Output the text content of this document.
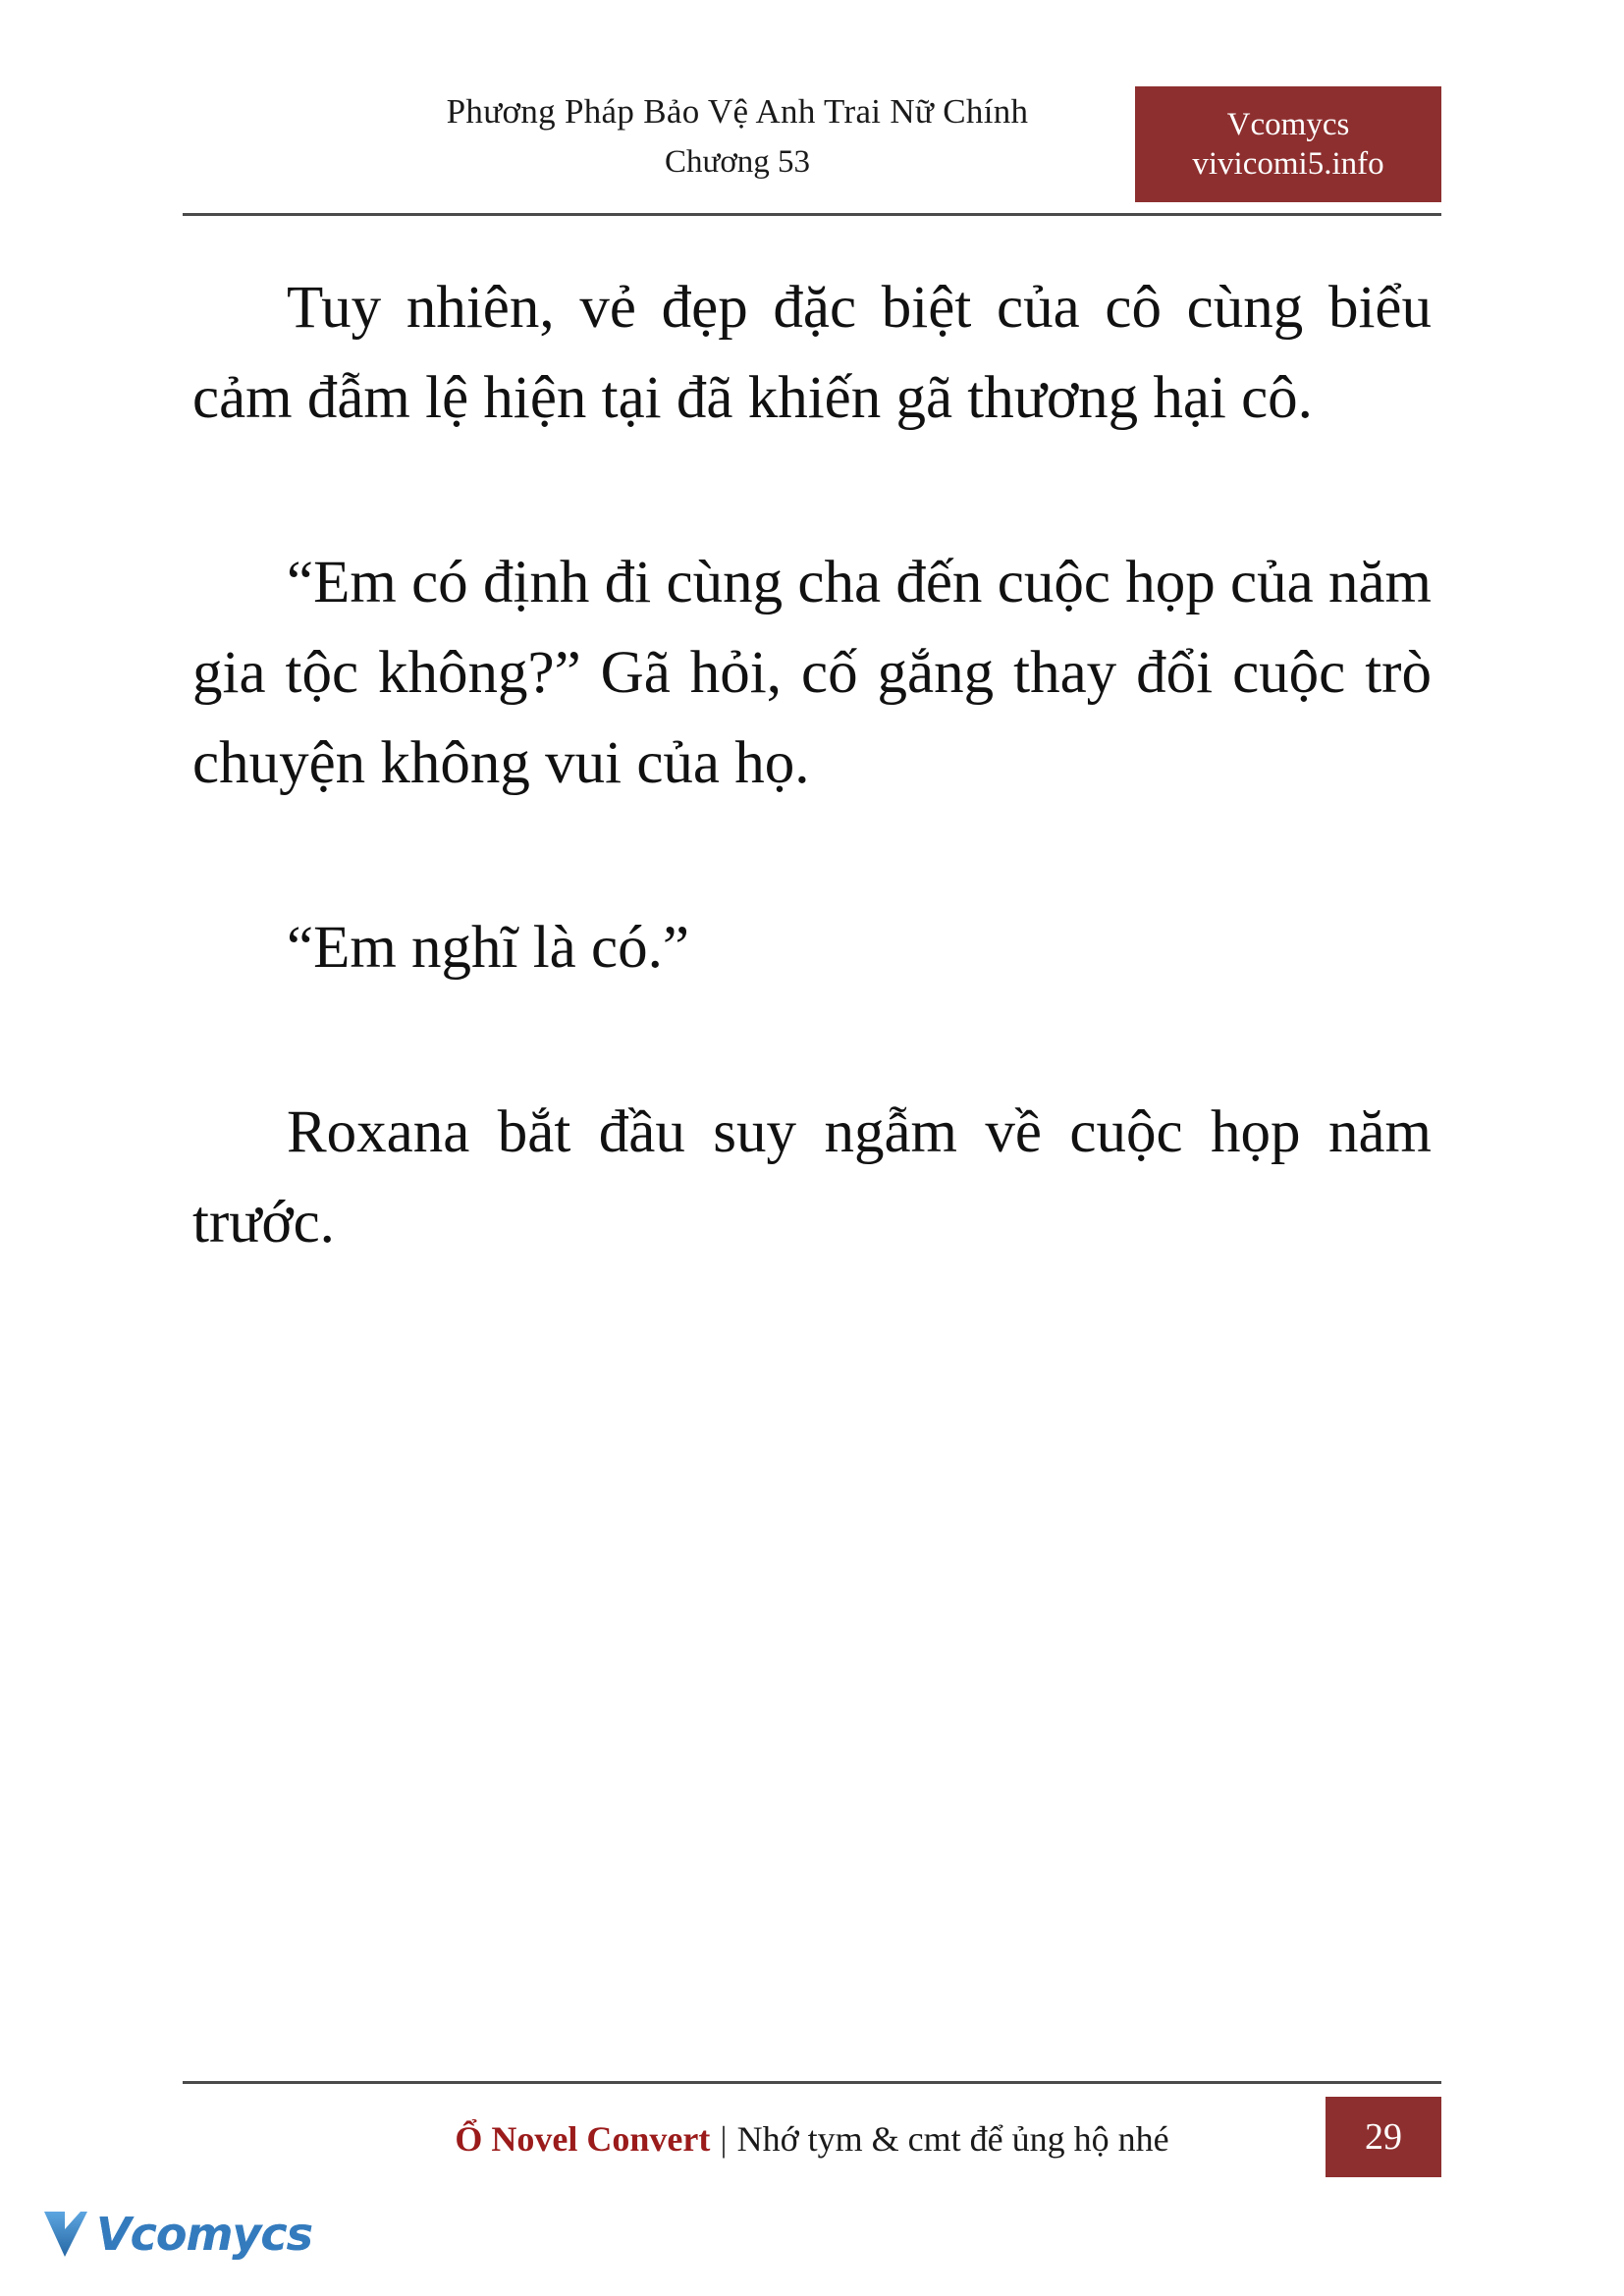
Phương Pháp Bảo Vệ Anh Trai Nữ Chính
Chương 53
Vcomycs
vivicomi5.info

Tuy nhiên, vẻ đẹp đặc biệt của cô cùng biểu cảm đẫm lệ hiện tại đã khiến gã thương hại cô.

“Em có định đi cùng cha đến cuộc họp của năm gia tộc không?” Gã hỏi, cố gắng thay đổi cuộc trò chuyện không vui của họ.

“Em nghĩ là có.”

Roxana bắt đầu suy ngẫm về cuộc họp năm trước.

Ổ Novel Convert | Nhớ tym & cmt để ủng hộ nhé	29
Vcomycs
